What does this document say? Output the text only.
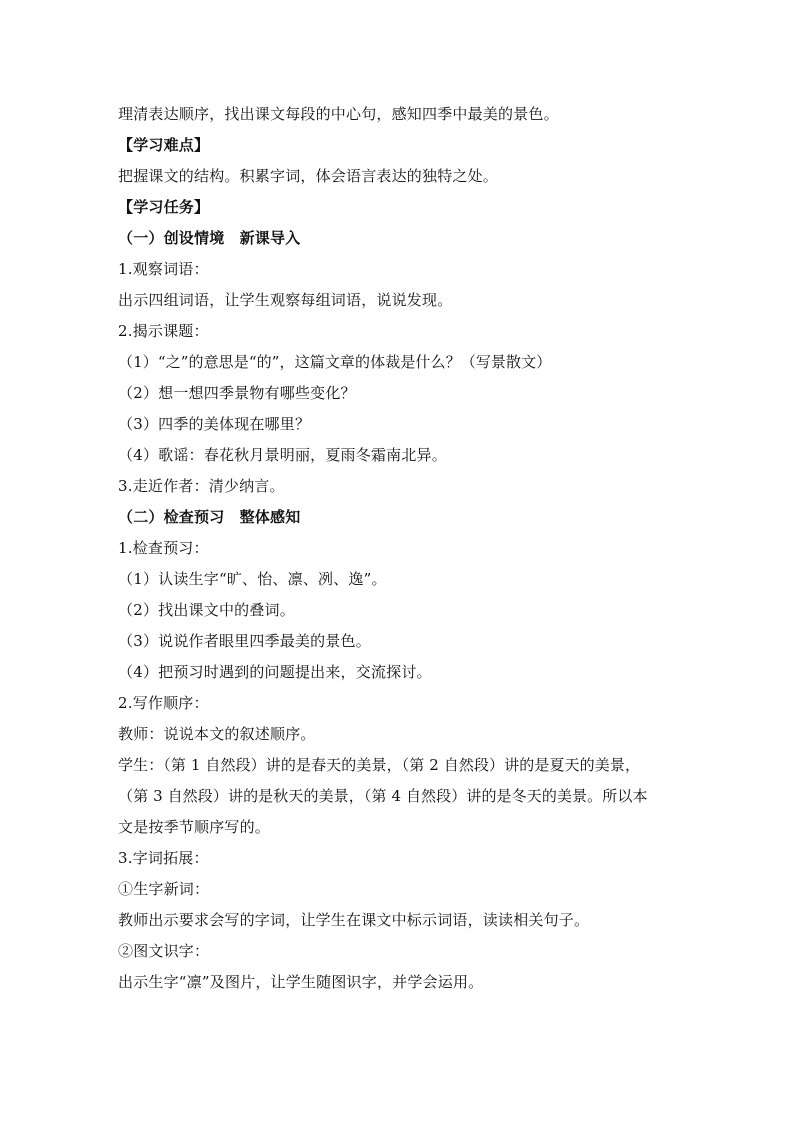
理清表达顺序，找出课文每段的中心句，感知四季中最美的景色。
【学习难点】
把握课文的结构。积累字词，体会语言表达的独特之处。
【学习任务】
（一）创设情境　新课导入
1.观察词语：
出示四组词语，让学生观察每组词语，说说发现。
2.揭示课题：
（1）“之”的意思是“的”，这篇文章的体裁是什么？（写景散文）
（2）想一想四季景物有哪些变化？
（3）四季的美体现在哪里？
（4）歌谣：春花秋月景明丽，夏雨冬霜南北异。
3.走近作者：清少纳言。
（二）检查预习　整体感知
1.检查预习：
（1）认读生字“旷、怡、凛、冽、逸”。
（2）找出课文中的叠词。
（3）说说作者眼里四季最美的景色。
（4）把预习时遇到的问题提出来，交流探讨。
2.写作顺序：
教师：说说本文的叙述顺序。
学生：（第 1 自然段）讲的是春天的美景，（第 2 自然段）讲的是夏天的美景，
（第 3 自然段）讲的是秋天的美景，（第 4 自然段）讲的是冬天的美景。所以本
文是按季节顺序写的。
3.字词拓展：
①生字新词：
教师出示要求会写的字词，让学生在课文中标示词语，读读相关句子。
②图文识字：
出示生字“凛”及图片，让学生随图识字，并学会运用。
